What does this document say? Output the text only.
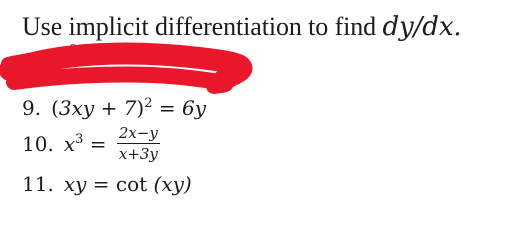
Use implicit differentiation to find dy/dx.
2	2
9. $(3xy + 7)^2 = 6y$
10. $x^3 = \frac{2x-y}{x+3y}$
11. xy = cot (xy)
